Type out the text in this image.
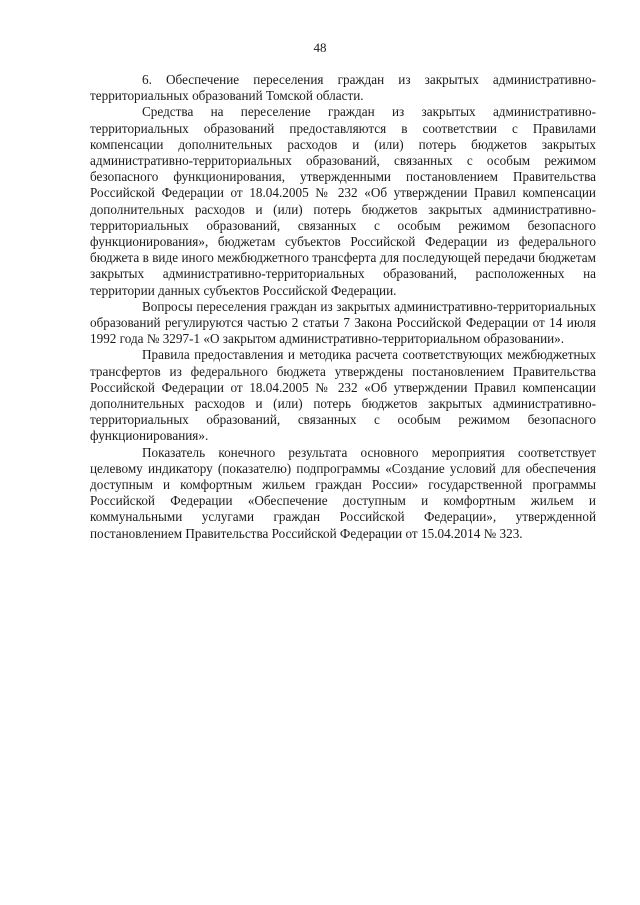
48

6. Обеспечение переселения граждан из закрытых административно-территориальных образований Томской области.

Средства на переселение граждан из закрытых административно-территориальных образований предоставляются в соответствии с Правилами компенсации дополнительных расходов и (или) потерь бюджетов закрытых административно-территориальных образований, связанных с особым режимом безопасного функционирования, утвержденными постановлением Правительства Российской Федерации от 18.04.2005 № 232 «Об утверждении Правил компенсации дополнительных расходов и (или) потерь бюджетов закрытых административно-территориальных образований, связанных с особым режимом безопасного функционирования», бюджетам субъектов Российской Федерации из федерального бюджета в виде иного межбюджетного трансферта для последующей передачи бюджетам закрытых административно-территориальных образований, расположенных на территории данных субъектов Российской Федерации.

Вопросы переселения граждан из закрытых административно-территориальных образований регулируются частью 2 статьи 7 Закона Российской Федерации от 14 июля 1992 года № 3297-1 «О закрытом административно-территориальном образовании».

Правила предоставления и методика расчета соответствующих межбюджетных трансфертов из федерального бюджета утверждены постановлением Правительства Российской Федерации от 18.04.2005 № 232 «Об утверждении Правил компенсации дополнительных расходов и (или) потерь бюджетов закрытых административно-территориальных образований, связанных с особым режимом безопасного функционирования».

Показатель конечного результата основного мероприятия соответствует целевому индикатору (показателю) подпрограммы «Создание условий для обеспечения доступным и комфортным жильем граждан России» государственной программы Российской Федерации «Обеспечение доступным и комфортным жильем и коммунальными услугами граждан Российской Федерации», утвержденной постановлением Правительства Российской Федерации от 15.04.2014 № 323.
